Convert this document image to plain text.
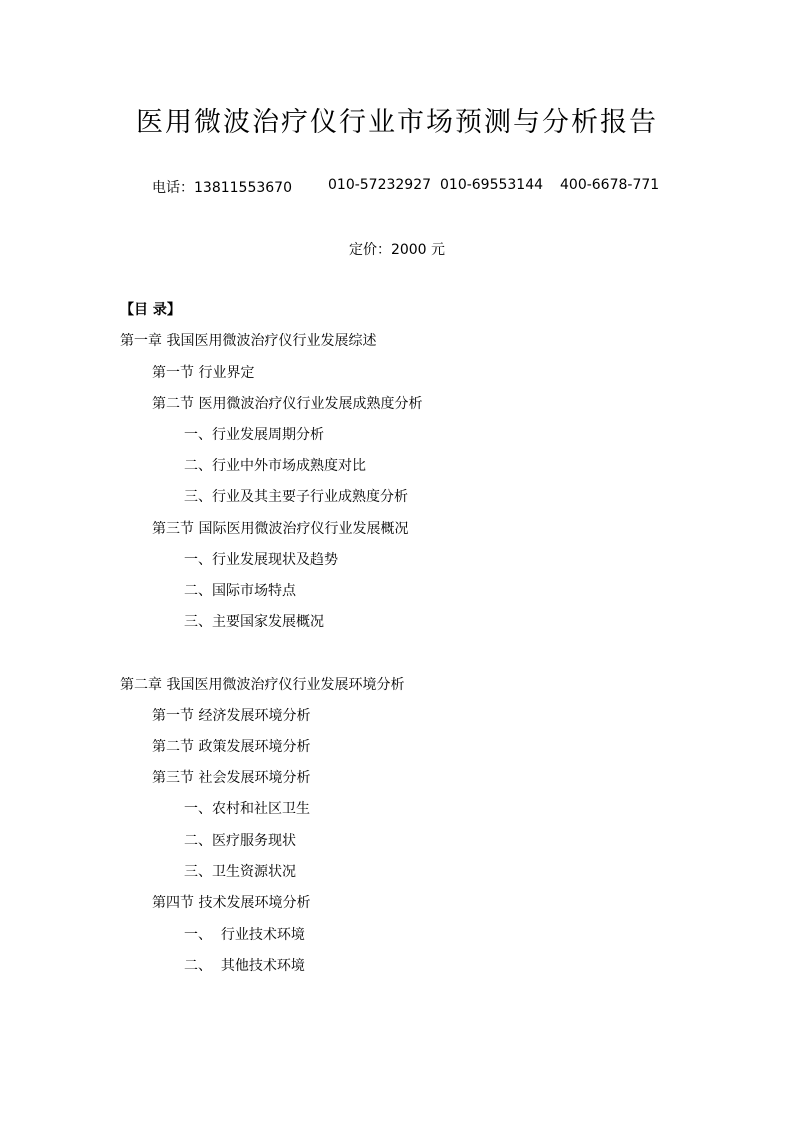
医用微波治疗仪行业市场预测与分析报告
电话：13811553670	010-57232927 010-69553144 400-6678-771
定价：2000 元
【目 录】
第一章 我国医用微波治疗仪行业发展综述
第一节 行业界定
第二节 医用微波治疗仪行业发展成熟度分析
一、行业发展周期分析
二、行业中外市场成熟度对比
三、行业及其主要子行业成熟度分析
第三节 国际医用微波治疗仪行业发展概况
一、行业发展现状及趋势
二、国际市场特点
三、主要国家发展概况
第二章 我国医用微波治疗仪行业发展环境分析
第一节 经济发展环境分析
第二节 政策发展环境分析
第三节 社会发展环境分析
一、农村和社区卫生
二、医疗服务现状
三、卫生资源状况
第四节 技术发展环境分析
一、  行业技术环境
二、  其他技术环境
